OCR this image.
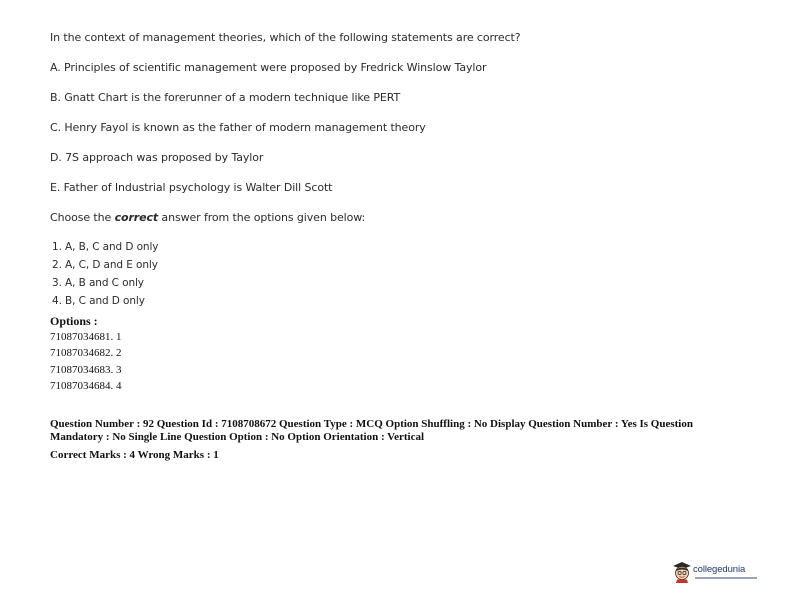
In the context of management theories, which of the following statements are correct?
A. Principles of scientific management were proposed by Fredrick Winslow Taylor
B. Gnatt Chart is the forerunner of a modern technique like PERT
C. Henry Fayol is known as the father of modern management theory
D. 7S approach was proposed by Taylor
E. Father of Industrial psychology is Walter Dill Scott
Choose the correct answer from the options given below:
1. A, B, C and D only
2. A, C, D and E only
3. A, B and C only
4. B, C and D only
Options :
71087034681. 1
71087034682. 2
71087034683. 3
71087034684. 4
Question Number : 92 Question Id : 7108708672 Question Type : MCQ Option Shuffling : No Display Question Number : Yes Is Question Mandatory : No Single Line Question Option : No Option Orientation : Vertical
Correct Marks : 4 Wrong Marks : 1
collegedunia
